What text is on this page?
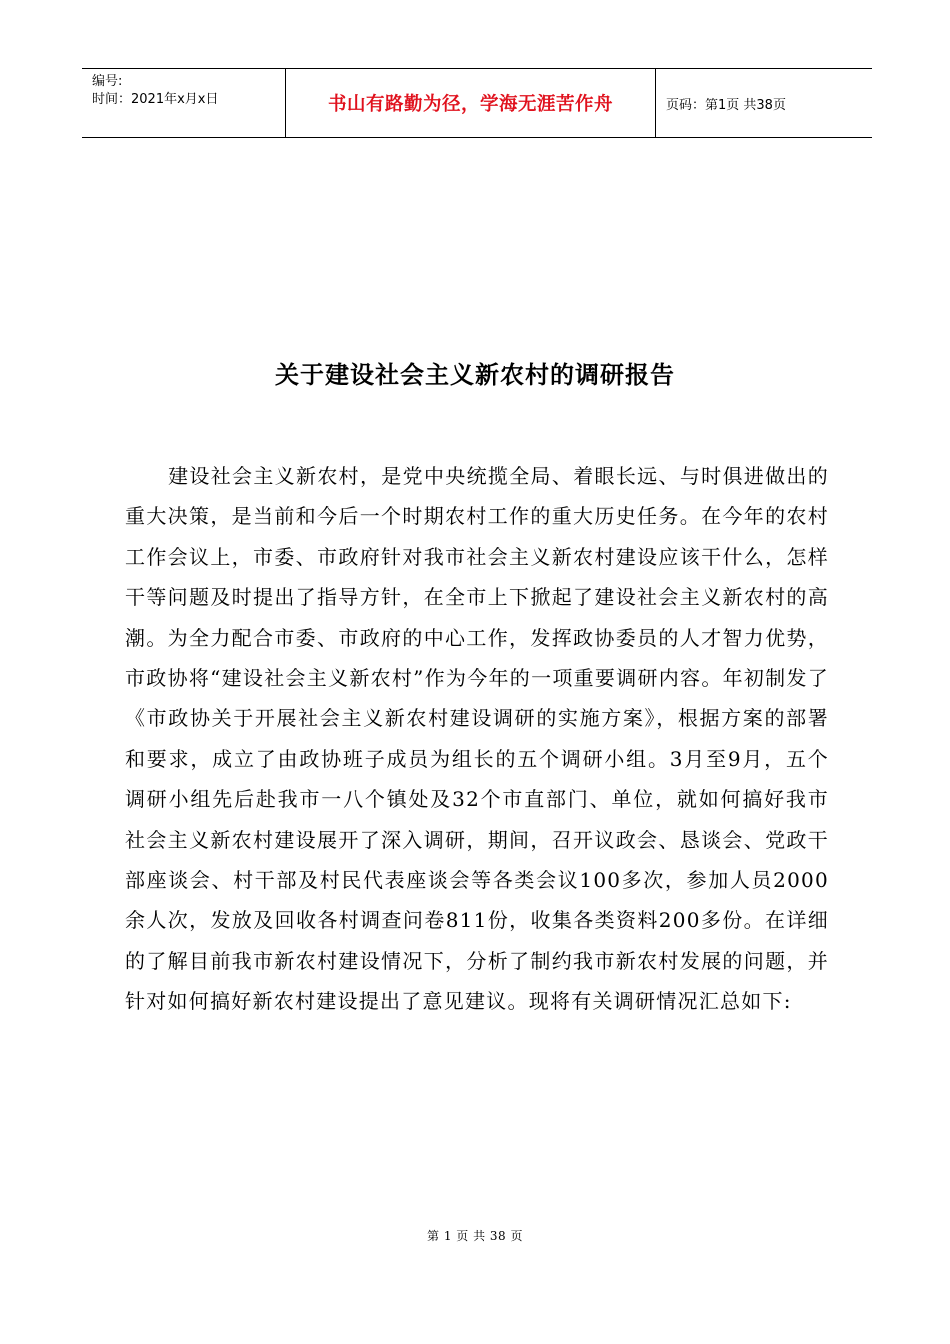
编号:
时间：2021年x月x日	书山有路勤为径，学海无涯苦作舟	页码：第1页 共38页
关于建设社会主义新农村的调研报告

建设社会主义新农村，是党中央统揽全局、着眼长远、与时俱进做出的重大决策，是当前和今后一个时期农村工作的重大历史任务。在今年的农村工作会议上，市委、市政府针对我市社会主义新农村建设应该干什么，怎样干等问题及时提出了指导方针，在全市上下掀起了建设社会主义新农村的高潮。为全力配合市委、市政府的中心工作，发挥政协委员的人才智力优势，市政协将“建设社会主义新农村”作为今年的一项重要调研内容。年初制发了《市政协关于开展社会主义新农村建设调研的实施方案》，根据方案的部署和要求，成立了由政协班子成员为组长的五个调研小组。3月至9月，五个调研小组先后赴我市一八个镇处及32个市直部门、单位，就如何搞好我市社会主义新农村建设展开了深入调研，期间，召开议政会、恳谈会、党政干部座谈会、村干部及村民代表座谈会等各类会议100多次，参加人员2000余人次，发放及回收各村调查问卷811份，收集各类资料200多份。在详细的了解目前我市新农村建设情况下，分析了制约我市新农村发展的问题，并针对如何搞好新农村建设提出了意见建议。现将有关调研情况汇总如下:

第 1 页 共 38 页
